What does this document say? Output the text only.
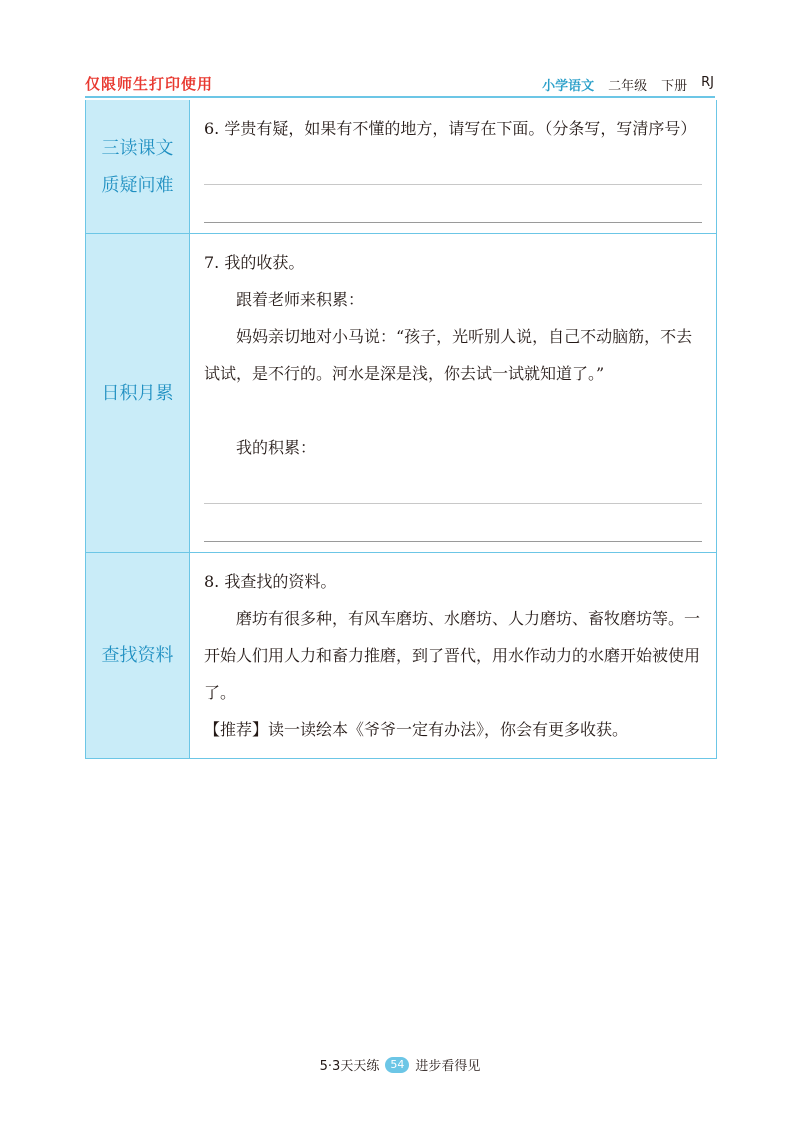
仅限师生打印使用	小学语文 二年级 下册 RJ
三读课文
质疑问难

6. 学贵有疑，如果有不懂的地方，请写在下面。（分条写，写清序号）

日积月累

7. 我的收获。

跟着老师来积累：

妈妈亲切地对小马说：“孩子，光听别人说，自己不动脑筋，不去试试，是不行的。河水是深是浅，你去试一试就知道了。”

我的积累：

查找资料

8. 我查找的资料。

磨坊有很多种，有风车磨坊、水磨坊、人力磨坊、畜牧磨坊等。一开始人们用人力和畜力推磨，到了晋代，用水作动力的水磨开始被使用了。

【推荐】读一读绘本《爷爷一定有办法》，你会有更多收获。

5·3天天练	54 进步看得见
